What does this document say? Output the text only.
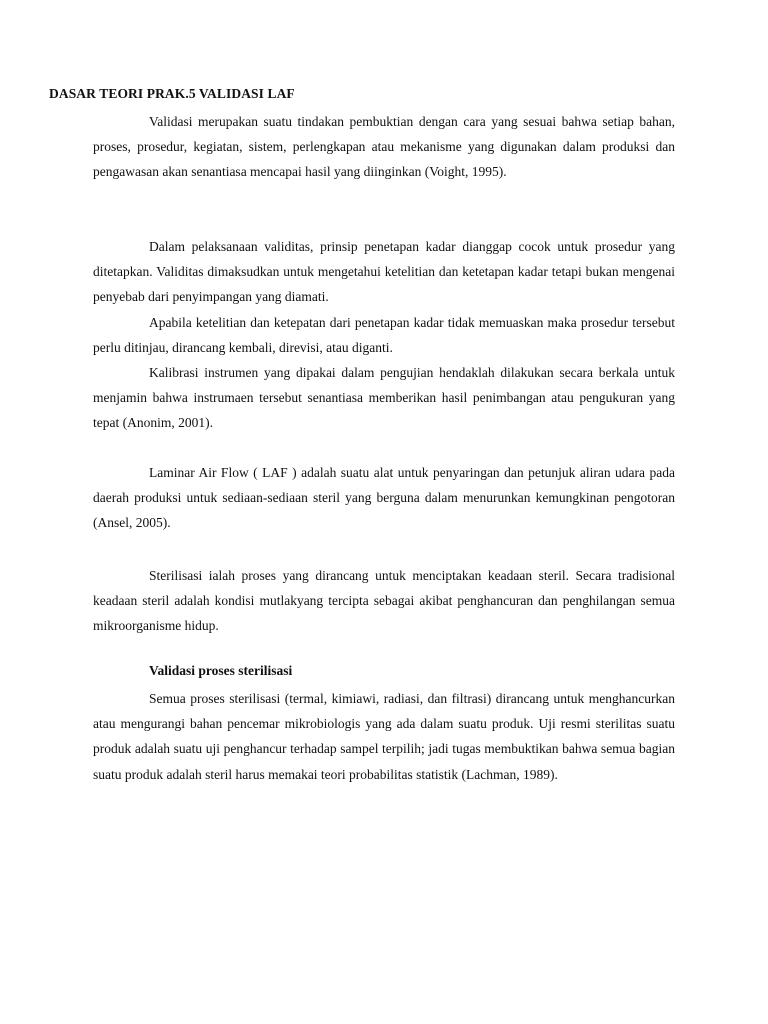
DASAR TEORI PRAK.5 VALIDASI LAF

Validasi merupakan suatu tindakan pembuktian dengan cara yang sesuai bahwa setiap bahan, proses, prosedur, kegiatan, sistem, perlengkapan atau mekanisme yang digunakan dalam produksi dan pengawasan akan senantiasa mencapai hasil yang diinginkan (Voight, 1995).

Dalam pelaksanaan validitas, prinsip penetapan kadar dianggap cocok untuk prosedur yang ditetapkan. Validitas dimaksudkan untuk mengetahui ketelitian dan ketetapan kadar tetapi bukan mengenai penyebab dari penyimpangan yang diamati.

Apabila ketelitian dan ketepatan dari penetapan kadar tidak memuaskan maka prosedur tersebut perlu ditinjau, dirancang kembali, direvisi, atau diganti.

Kalibrasi instrumen yang dipakai dalam pengujian hendaklah dilakukan secara berkala untuk menjamin bahwa instrumaen tersebut senantiasa memberikan hasil penimbangan atau pengukuran yang tepat (Anonim, 2001).

Laminar Air Flow ( LAF ) adalah suatu alat untuk penyaringan dan petunjuk aliran udara pada daerah produksi untuk sediaan-sediaan steril yang berguna dalam menurunkan kemungkinan pengotoran (Ansel, 2005).

Sterilisasi ialah proses yang dirancang untuk menciptakan keadaan steril. Secara tradisional keadaan steril adalah kondisi mutlakyang tercipta sebagai akibat penghancuran dan penghilangan semua mikroorganisme hidup.

Validasi proses sterilisasi

Semua proses sterilisasi (termal, kimiawi, radiasi, dan filtrasi) dirancang untuk menghancurkan atau mengurangi bahan pencemar mikrobiologis yang ada dalam suatu produk. Uji resmi sterilitas suatu produk adalah suatu uji penghancur terhadap sampel terpilih; jadi tugas membuktikan bahwa semua bagian suatu produk adalah steril harus memakai teori probabilitas statistik (Lachman, 1989).
